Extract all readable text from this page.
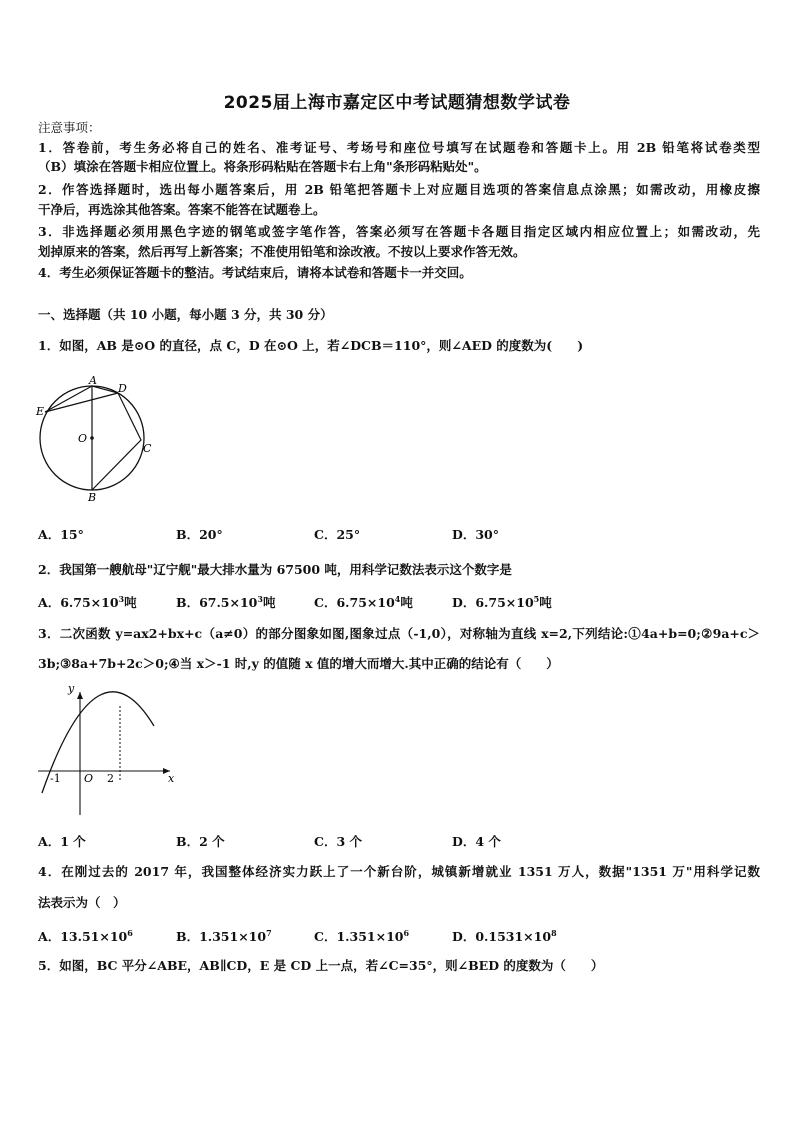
2025届上海市嘉定区中考试题猜想数学试卷
注意事项：
1．答卷前，考生务必将自己的姓名、准考证号、考场号和座位号填写在试题卷和答题卡上。用 2B 铅笔将试卷类型
（B）填涂在答题卡相应位置上。将条形码粘贴在答题卡右上角"条形码粘贴处"。
2．作答选择题时，选出每小题答案后，用 2B 铅笔把答题卡上对应题目选项的答案信息点涂黑；如需改动，用橡皮擦
干净后，再选涂其他答案。答案不能答在试题卷上。
3．非选择题必须用黑色字迹的钢笔或签字笔作答，答案必须写在答题卡各题目指定区域内相应位置上；如需改动，先
划掉原来的答案，然后再写上新答案；不准使用铅笔和涂改液。不按以上要求作答无效。
4．考生必须保证答题卡的整洁。考试结束后，请将本试卷和答题卡一并交回。
一、选择题（共 10 小题，每小题 3 分，共 30 分）
1．如图，AB 是⊙O 的直径，点 C，D 在⊙O 上，若∠DCB＝110°，则∠AED 的度数为(　　)
A
D
E
O
C
B
A．15°	B．20°	C．25°	D．30°
2．我国第一艘航母"辽宁舰"最大排水量为 67500 吨，用科学记数法表示这个数字是
A．$6.75\times 10^3$吨	B．$67.5\times 10^3$吨	C．$6.75\times 10^4$吨	D．$6.75\times 10^5$吨
3．二次函数 y=ax2+bx+c（a≠0）的部分图象如图,图象过点（-1,0），对称轴为直线 x=2,下列结论:①4a+b=0;②9a+c＞
3b;③8a+7b+2c＞0;④当 x＞-1 时,y 的值随 x 值的增大而增大.其中正确的结论有（　　）
y
x
O
-1	2
A．1 个	B．2 个	C．3 个	D．4 个
4．在刚过去的 2017 年，我国整体经济实力跃上了一个新台阶，城镇新增就业 1351 万人，数据"1351 万"用科学记数
法表示为（　）
A．$13.51\times 10^6$	B．$1.351\times 10^7$	C．$1.351\times 10^6$	D．$0.1531\times 10^8$
5．如图，BC 平分∠ABE，AB∥CD，E 是 CD 上一点，若∠C=35°，则∠BED 的度数为（　　）
